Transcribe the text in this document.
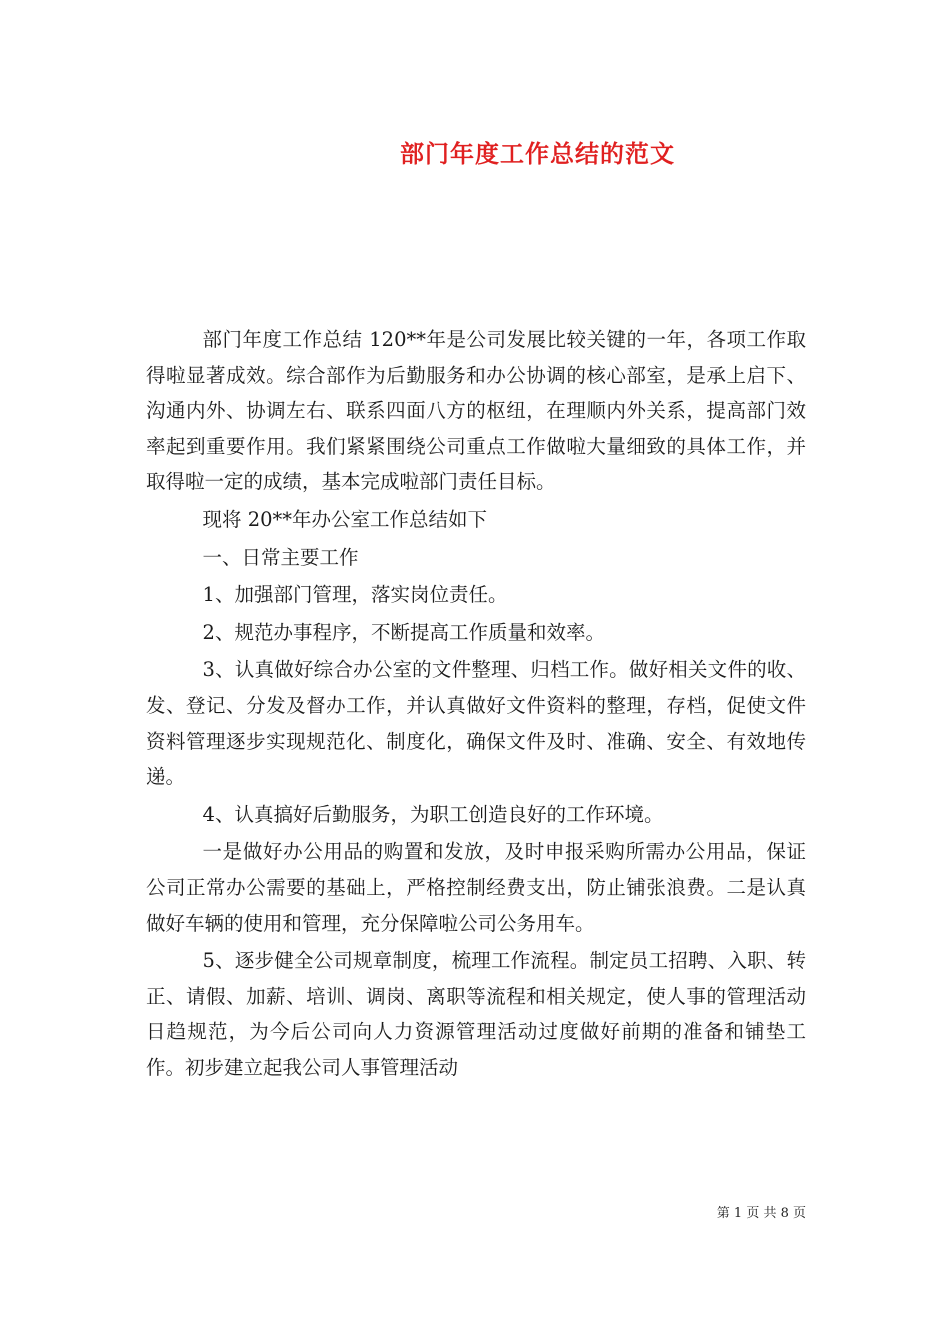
部门年度工作总结的范文

部门年度工作总结 120**年是公司发展比较关键的一年，各项工作取得啦显著成效。综合部作为后勤服务和办公协调的核心部室，是承上启下、沟通内外、协调左右、联系四面八方的枢纽，在理顺内外关系，提高部门效率起到重要作用。我们紧紧围绕公司重点工作做啦大量细致的具体工作，并取得啦一定的成绩，基本完成啦部门责任目标。

现将 20**年办公室工作总结如下

一、日常主要工作

1、加强部门管理，落实岗位责任。

2、规范办事程序，不断提高工作质量和效率。

3、认真做好综合办公室的文件整理、归档工作。做好相关文件的收、发、登记、分发及督办工作，并认真做好文件资料的整理，存档，促使文件资料管理逐步实现规范化、制度化，确保文件及时、准确、安全、有效地传递。

4、认真搞好后勤服务，为职工创造良好的工作环境。

一是做好办公用品的购置和发放，及时申报采购所需办公用品，保证公司正常办公需要的基础上，严格控制经费支出，防止铺张浪费。二是认真做好车辆的使用和管理，充分保障啦公司公务用车。

5、逐步健全公司规章制度，梳理工作流程。制定员工招聘、入职、转正、请假、加薪、培训、调岗、离职等流程和相关规定，使人事的管理活动日趋规范，为今后公司向人力资源管理活动过度做好前期的准备和铺垫工作。初步建立起我公司人事管理活动

第 1 页 共 8 页
